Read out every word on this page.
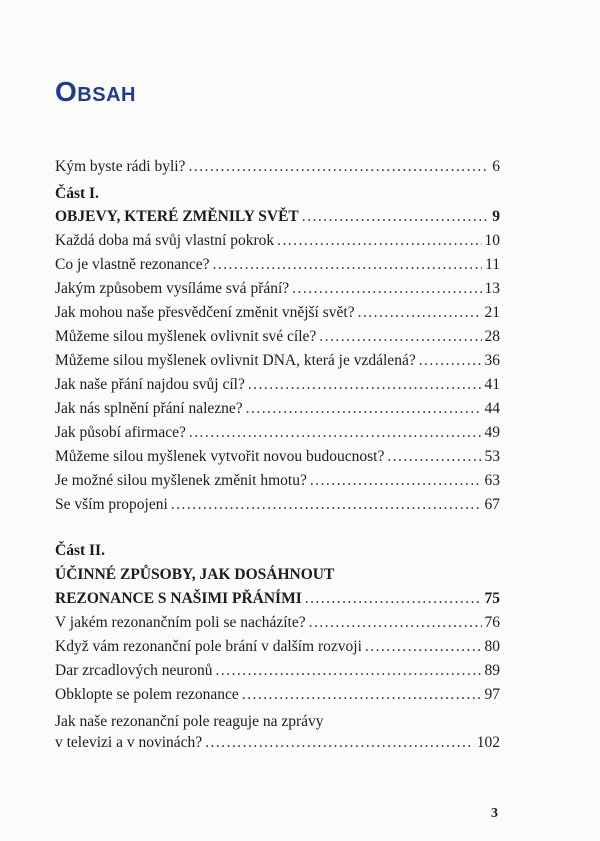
Obsah
Kým byste rádi byli? . . .	6
Část I.
OBJEVY, KTERÉ ZMĚNILY SVĚT . . .	9
Každá doba má svůj vlastní pokrok . . .	10
Co je vlastně rezonance? . . .	11
Jakým způsobem vysíláme svá přání? . . .	13
Jak mohou naše přesvědčení změnit vnější svět? . . .	21
Můžeme silou myšlenek ovlivnit své cíle? . . .	28
Můžeme silou myšlenek ovlivnit DNA, která je vzdálená? . . .	36
Jak naše přání najdou svůj cíl? . . .	41
Jak nás splnění přání nalezne? . . .	44
Jak působí afirmace? . . .	49
Můžeme silou myšlenek vytvořit novou budoucnost? . . .	53
Je možné silou myšlenek změnit hmotu? . . .	63
Se vším propojeni . . .	67
Část II.
ÚČINNÉ ZPŮSOBY, JAK DOSÁHNOUT
REZONANCE S NAŠIMI PŘÁNÍMI . . .	75
V jakém rezonančním poli se nacházíte? . . .	76
Když vám rezonanční pole brání v dalším rozvoji . . .	80
Dar zrcadlových neuronů . . .	89
Obklopte se polem rezonance . . .	97
Jak naše rezonanční pole reaguje na zprávy
v televizi a v novinách? . . .	102
3
